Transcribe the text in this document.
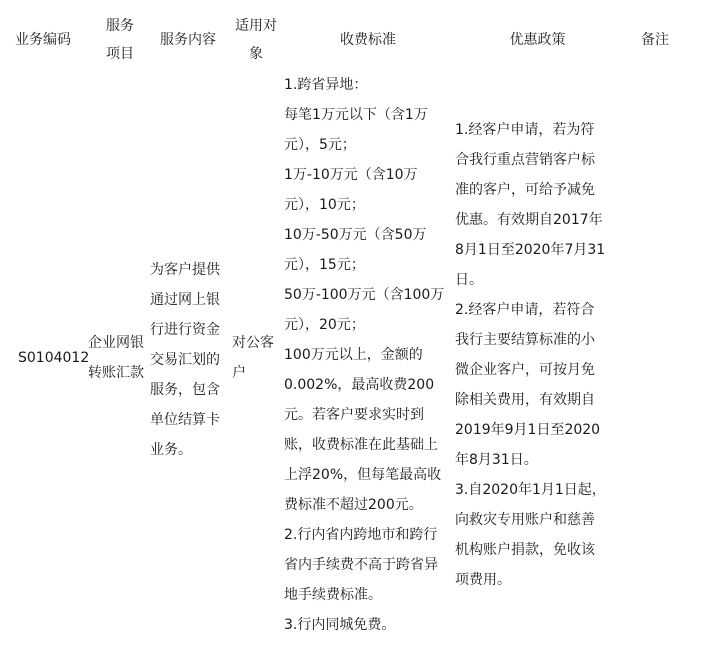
业务编码
服务
项目
服务内容
适用对
象
收费标准	优惠政策	备注
S0104012
企业网银
转账汇款
为客户提供
通过网上银
行进行资金
交易汇划的
服务，包含
单位结算卡
业务。
对公客
户
1.跨省异地：
每笔1万元以下（含1万
元），5元；
1万-10万元（含10万
元），10元；
10万-50万元（含50万
元），15元；
50万-100万元（含100万
元），20元；
100万元以上，金额的
0.002%，最高收费200
元。若客户要求实时到
账，收费标准在此基础上
上浮20%，但每笔最高收
费标准不超过200元。
2.行内省内跨地市和跨行
省内手续费不高于跨省异
地手续费标准。
3.行内同城免费。
1.经客户申请，若为符
合我行重点营销客户标
准的客户，可给予减免
优惠。有效期自2017年
8月1日至2020年7月31
日。
2.经客户申请，若符合
我行主要结算标准的小
微企业客户，可按月免
除相关费用，有效期自
2019年9月1日至2020
年8月31日。
3.自2020年1月1日起，
向救灾专用账户和慈善
机构账户捐款，免收该
项费用。
